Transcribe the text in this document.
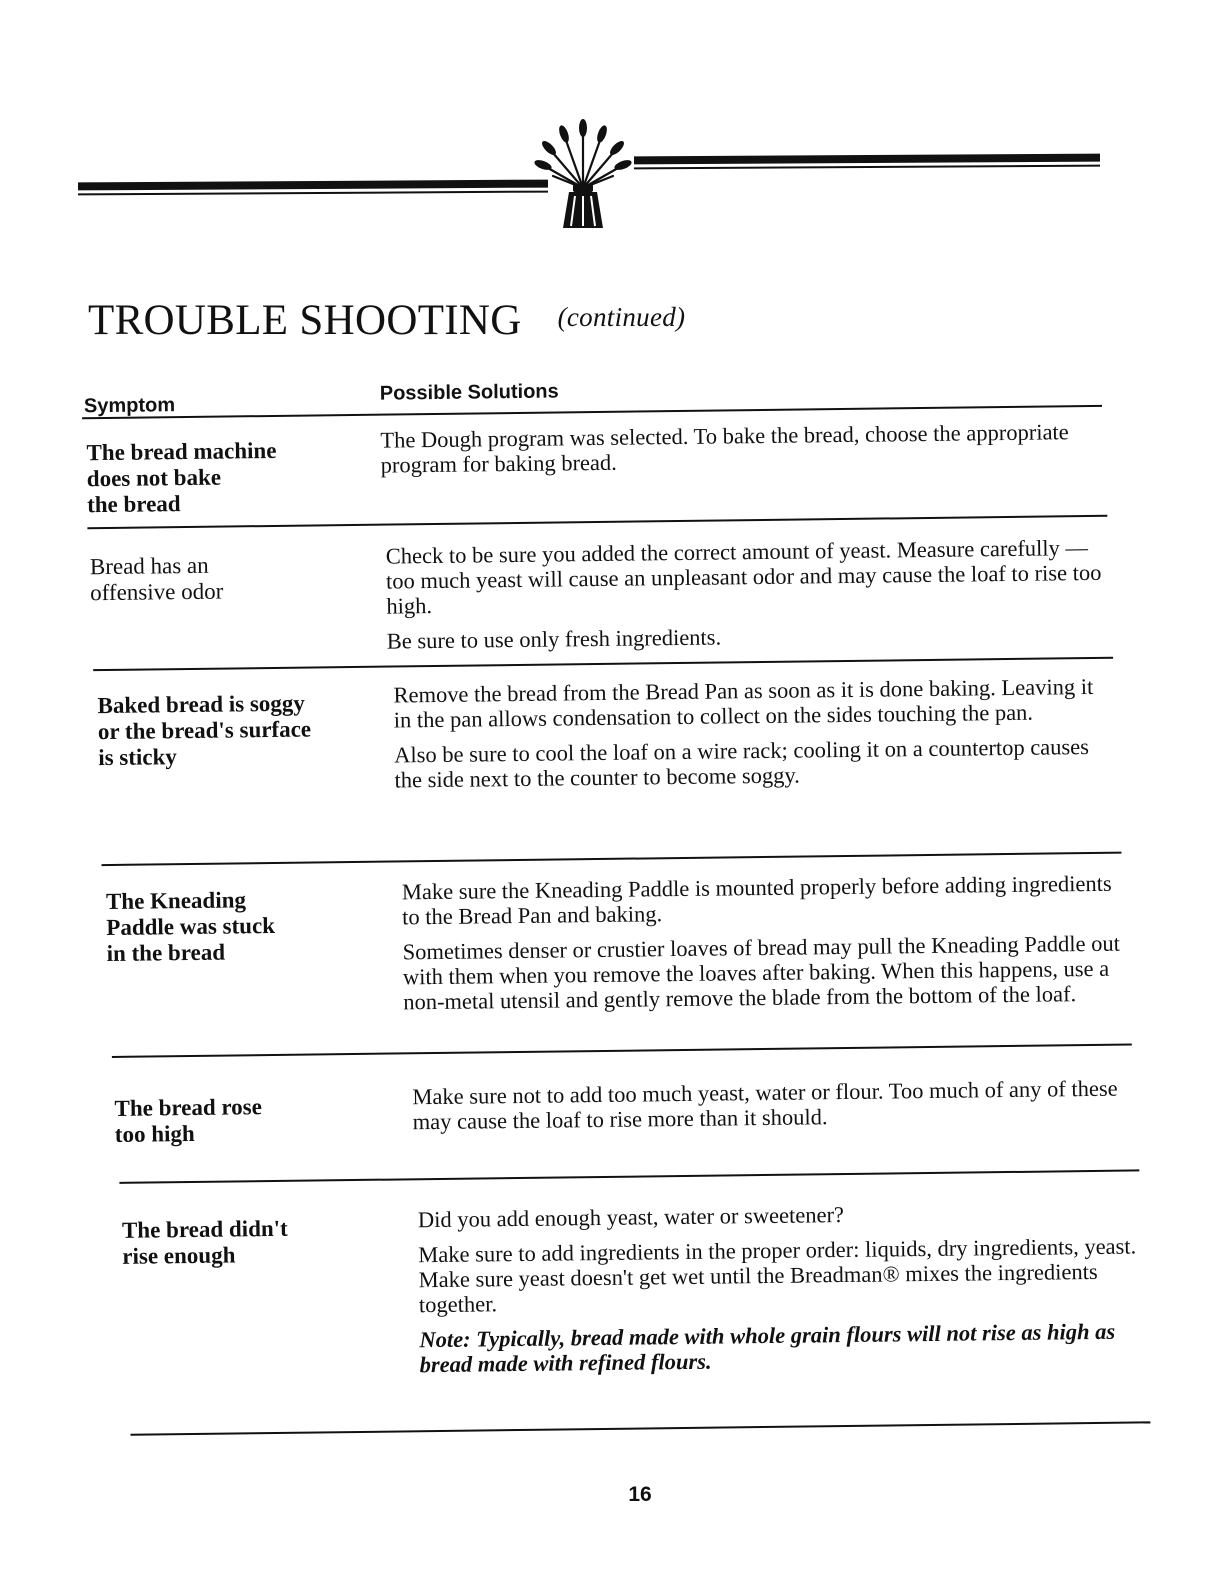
TROUBLE SHOOTING (continued)
Symptom
Possible Solutions
The bread machine
does not bake
the bread

The Dough program was selected. To bake the bread, choose the appropriate program for baking bread.

Bread has an
offensive odor

Check to be sure you added the correct amount of yeast. Measure carefully — too much yeast will cause an unpleasant odor and may cause the loaf to rise too high.

Be sure to use only fresh ingredients.

Baked bread is soggy
or the bread's surface
is sticky

Remove the bread from the Bread Pan as soon as it is done baking. Leaving it in the pan allows condensation to collect on the sides touching the pan.

Also be sure to cool the loaf on a wire rack; cooling it on a countertop causes the side next to the counter to become soggy.

The Kneading
Paddle was stuck
in the bread

Make sure the Kneading Paddle is mounted properly before adding ingredients to the Bread Pan and baking.

Sometimes denser or crustier loaves of bread may pull the Kneading Paddle out with them when you remove the loaves after baking. When this happens, use a non-metal utensil and gently remove the blade from the bottom of the loaf.

The bread rose
too high

Make sure not to add too much yeast, water or flour. Too much of any of these may cause the loaf to rise more than it should.

The bread didn't
rise enough

Did you add enough yeast, water or sweetener?

Make sure to add ingredients in the proper order: liquids, dry ingredients, yeast. Make sure yeast doesn't get wet until the Breadman® mixes the ingredients together.

Note: Typically, bread made with whole grain flours will not rise as high as bread made with refined flours.

16
